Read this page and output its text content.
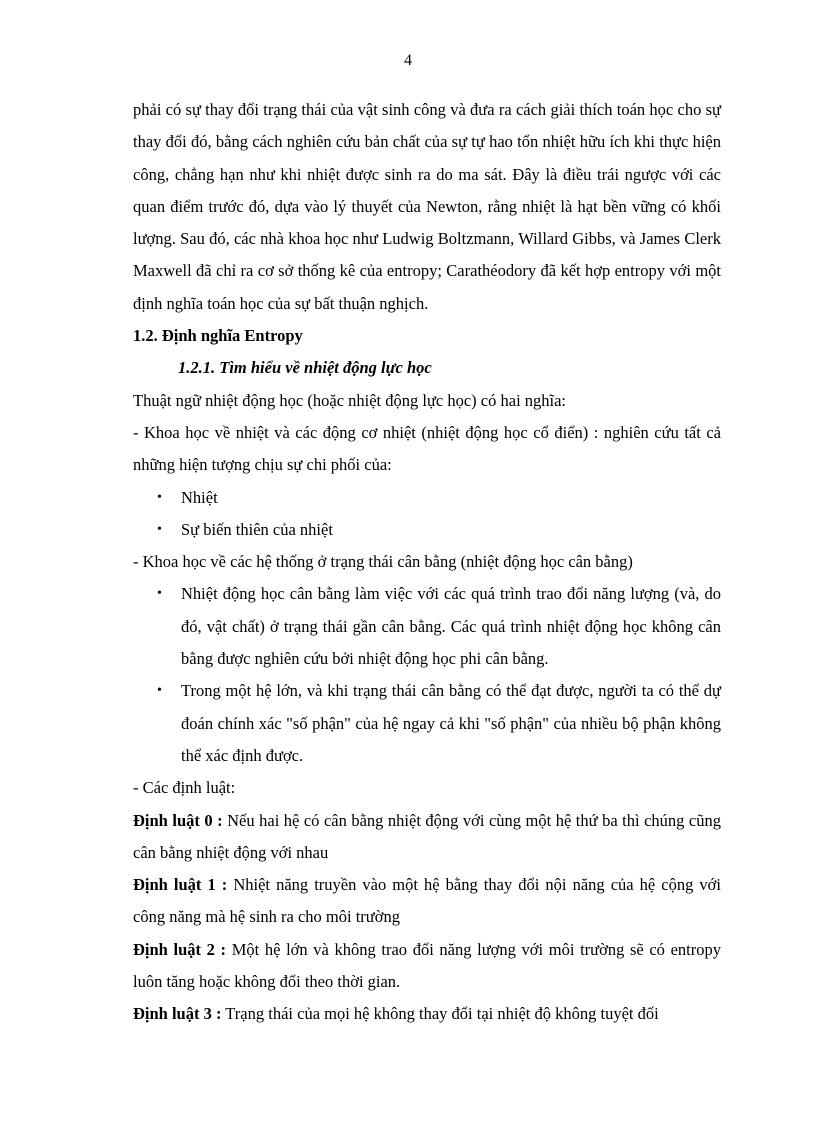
4

phải có sự thay đổi trạng thái của vật sinh công và đưa ra cách giải thích toán học cho sự thay đổi đó, bằng cách nghiên cứu bản chất của sự tự hao tổn nhiệt hữu ích khi thực hiện công, chẳng hạn như khi nhiệt được sinh ra do ma sát. Đây là điều trái ngược với các quan điểm trước đó, dựa vào lý thuyết của Newton, rằng nhiệt là hạt bền vững có khối lượng. Sau đó, các nhà khoa học như Ludwig Boltzmann, Willard Gibbs, và James Clerk Maxwell đã chỉ ra cơ sở thống kê của entropy; Carathéodory đã kết hợp entropy với một định nghĩa toán học của sự bất thuận nghịch.

1.2. Định nghĩa Entropy

1.2.1. Tìm hiểu về nhiệt động lực học

Thuật ngữ nhiệt động học (hoặc nhiệt động lực học) có hai nghĩa:

- Khoa học về nhiệt và các động cơ nhiệt (nhiệt động học cổ điển) : nghiên cứu tất cả những hiện tượng chịu sự chi phối của:

• Nhiệt
• Sự biến thiên của nhiệt

- Khoa học về các hệ thống ở trạng thái cân bằng (nhiệt động học cân bằng)

• Nhiệt động học cân bằng làm việc với các quá trình trao đổi năng lượng (và, do đó, vật chất) ở trạng thái gần cân bằng. Các quá trình nhiệt động học không cân bằng được nghiên cứu bởi nhiệt động học phi cân bằng.
• Trong một hệ lớn, và khi trạng thái cân bằng có thể đạt được, người ta có thể dự đoán chính xác "số phận" của hệ ngay cả khi "số phận" của nhiều bộ phận không thể xác định được.

- Các định luật:

Định luật 0 : Nếu hai hệ có cân bằng nhiệt động với cùng một hệ thứ ba thì chúng cũng cân bằng nhiệt động với nhau

Định luật 1 : Nhiệt năng truyền vào một hệ bằng thay đổi nội năng của hệ cộng với công năng mà hệ sinh ra cho môi trường

Định luật 2 : Một hệ lớn và không trao đổi năng lượng với môi trường sẽ có entropy luôn tăng hoặc không đổi theo thời gian.

Định luật 3 : Trạng thái của mọi hệ không thay đổi tại nhiệt độ không tuyệt đối
